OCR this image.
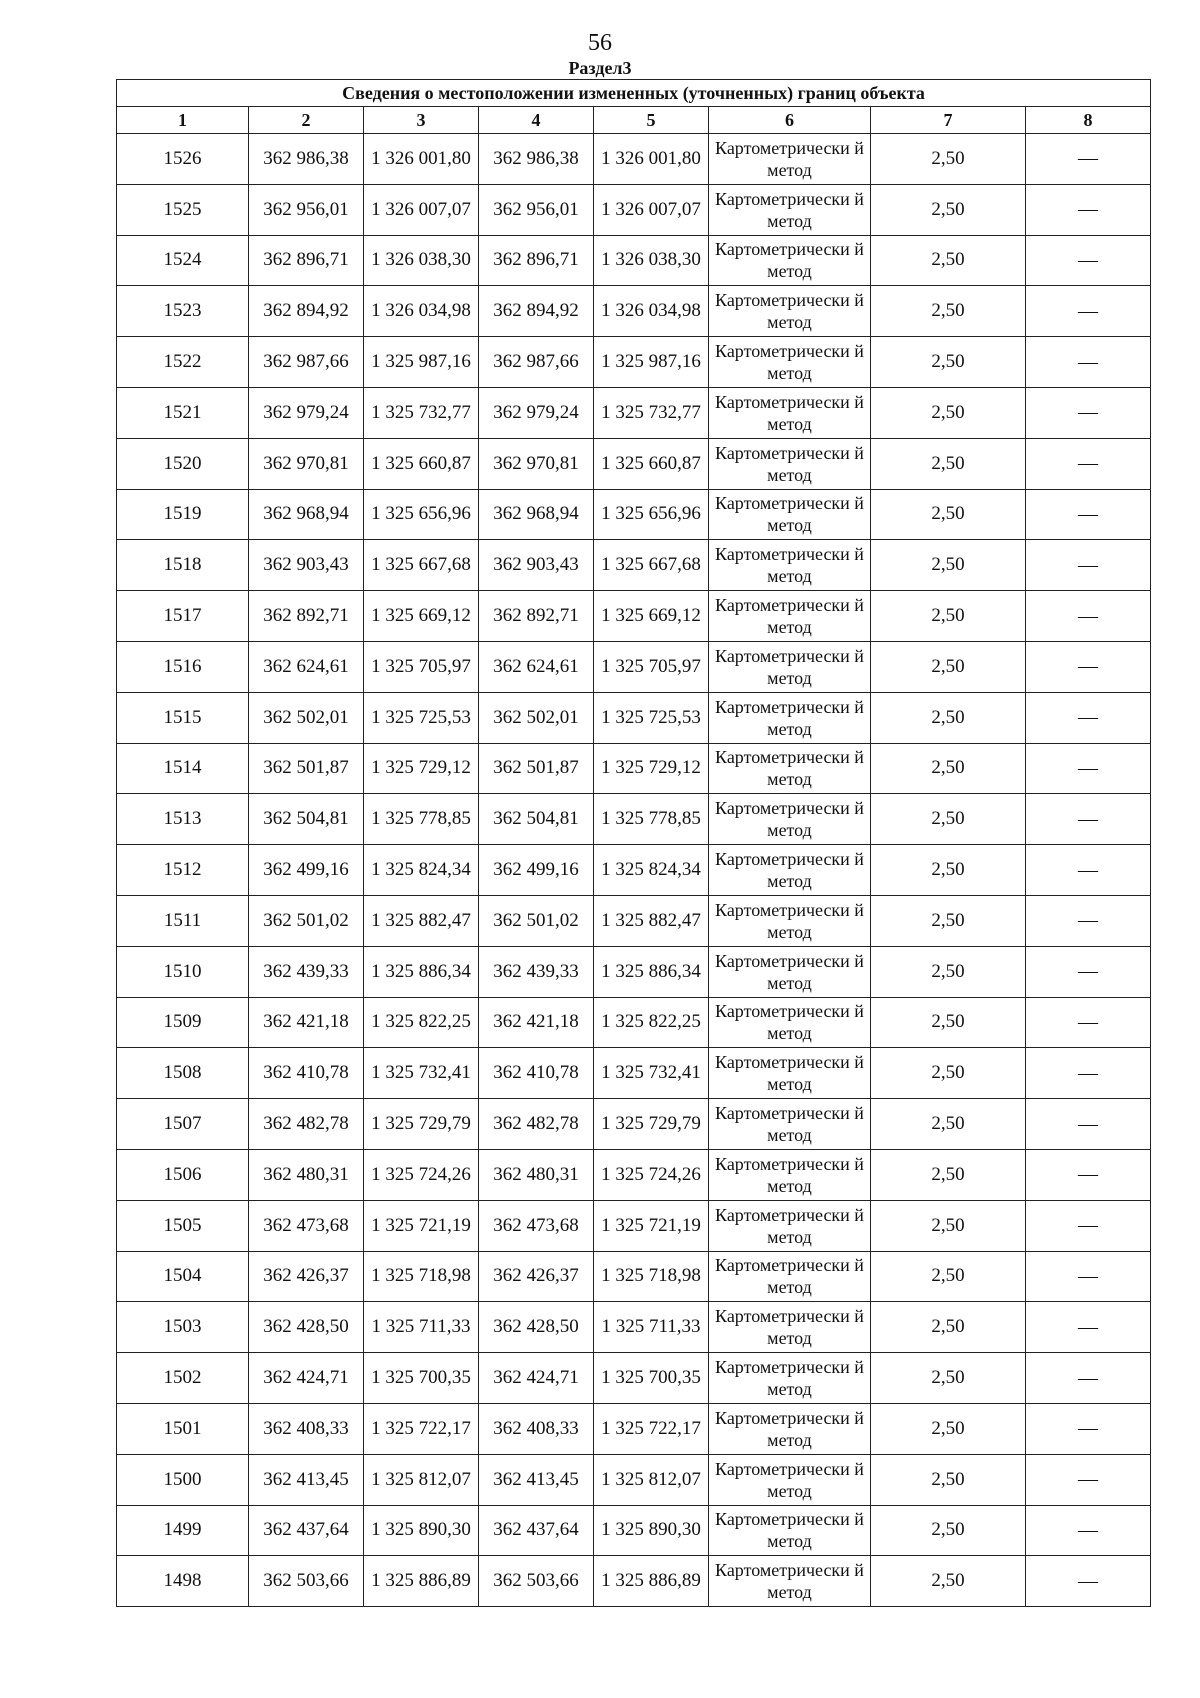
56
Раздел3
Сведения о местоположении измененных (уточненных) границ объекта							
1	2	3	4	5	6	7	8
1526	362 986,38	1 326 001,80	362 986,38	1 326 001,80	Картометрически й метод	2,50	—
1525	362 956,01	1 326 007,07	362 956,01	1 326 007,07	Картометрически й метод	2,50	—
1524	362 896,71	1 326 038,30	362 896,71	1 326 038,30	Картометрически й метод	2,50	—
1523	362 894,92	1 326 034,98	362 894,92	1 326 034,98	Картометрически й метод	2,50	—
1522	362 987,66	1 325 987,16	362 987,66	1 325 987,16	Картометрически й метод	2,50	—
1521	362 979,24	1 325 732,77	362 979,24	1 325 732,77	Картометрически й метод	2,50	—
1520	362 970,81	1 325 660,87	362 970,81	1 325 660,87	Картометрически й метод	2,50	—
1519	362 968,94	1 325 656,96	362 968,94	1 325 656,96	Картометрически й метод	2,50	—
1518	362 903,43	1 325 667,68	362 903,43	1 325 667,68	Картометрически й метод	2,50	—
1517	362 892,71	1 325 669,12	362 892,71	1 325 669,12	Картометрически й метод	2,50	—
1516	362 624,61	1 325 705,97	362 624,61	1 325 705,97	Картометрически й метод	2,50	—
1515	362 502,01	1 325 725,53	362 502,01	1 325 725,53	Картометрически й метод	2,50	—
1514	362 501,87	1 325 729,12	362 501,87	1 325 729,12	Картометрически й метод	2,50	—
1513	362 504,81	1 325 778,85	362 504,81	1 325 778,85	Картометрически й метод	2,50	—
1512	362 499,16	1 325 824,34	362 499,16	1 325 824,34	Картометрически й метод	2,50	—
1511	362 501,02	1 325 882,47	362 501,02	1 325 882,47	Картометрически й метод	2,50	—
1510	362 439,33	1 325 886,34	362 439,33	1 325 886,34	Картометрически й метод	2,50	—
1509	362 421,18	1 325 822,25	362 421,18	1 325 822,25	Картометрически й метод	2,50	—
1508	362 410,78	1 325 732,41	362 410,78	1 325 732,41	Картометрически й метод	2,50	—
1507	362 482,78	1 325 729,79	362 482,78	1 325 729,79	Картометрически й метод	2,50	—
1506	362 480,31	1 325 724,26	362 480,31	1 325 724,26	Картометрически й метод	2,50	—
1505	362 473,68	1 325 721,19	362 473,68	1 325 721,19	Картометрически й метод	2,50	—
1504	362 426,37	1 325 718,98	362 426,37	1 325 718,98	Картометрически й метод	2,50	—
1503	362 428,50	1 325 711,33	362 428,50	1 325 711,33	Картометрически й метод	2,50	—
1502	362 424,71	1 325 700,35	362 424,71	1 325 700,35	Картометрически й метод	2,50	—
1501	362 408,33	1 325 722,17	362 408,33	1 325 722,17	Картометрически й метод	2,50	—
1500	362 413,45	1 325 812,07	362 413,45	1 325 812,07	Картометрически й метод	2,50	—
1499	362 437,64	1 325 890,30	362 437,64	1 325 890,30	Картометрически й метод	2,50	—
1498	362 503,66	1 325 886,89	362 503,66	1 325 886,89	Картометрически й метод	2,50	—
